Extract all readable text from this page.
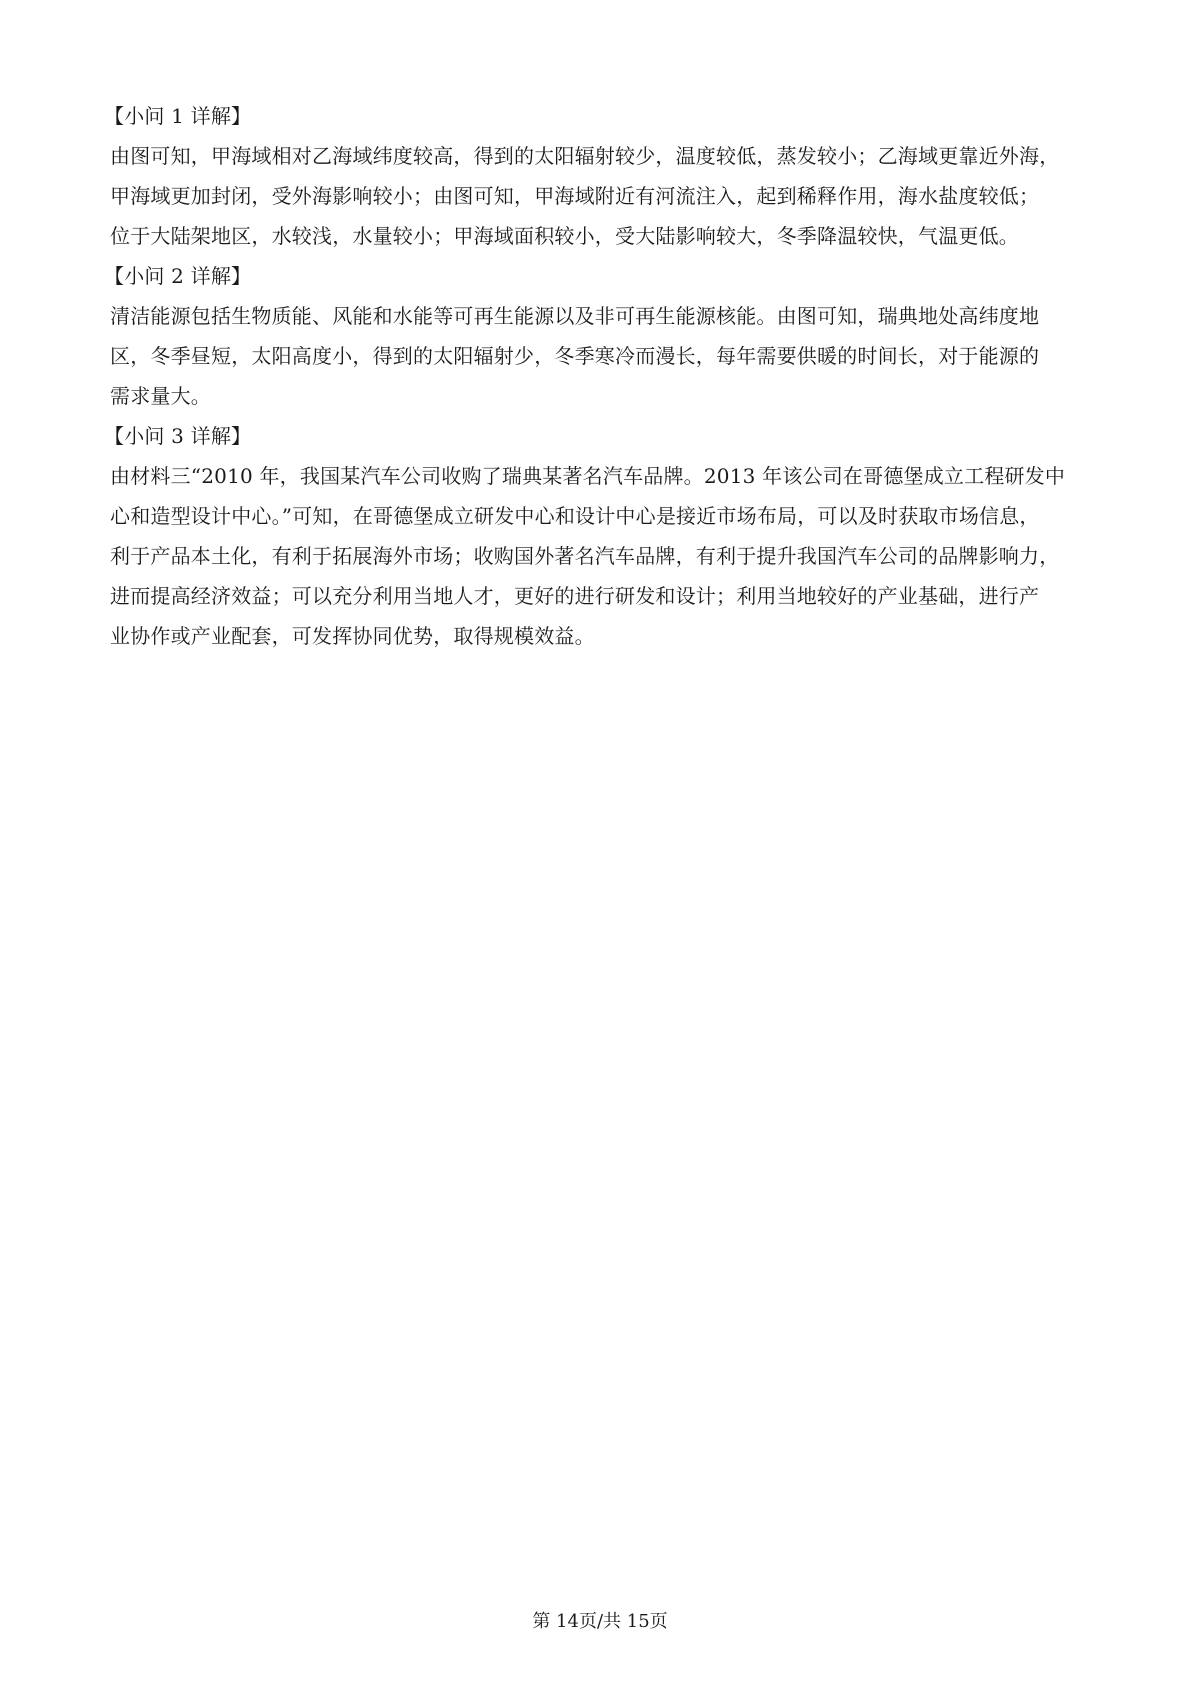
【小问 1 详解】
由图可知，甲海域相对乙海域纬度较高，得到的太阳辐射较少，温度较低，蒸发较小；乙海域更靠近外海，
甲海域更加封闭，受外海影响较小；由图可知，甲海域附近有河流注入，起到稀释作用，海水盐度较低；
位于大陆架地区，水较浅，水量较小；甲海域面积较小，受大陆影响较大，冬季降温较快，气温更低。
【小问 2 详解】
清洁能源包括生物质能、风能和水能等可再生能源以及非可再生能源核能。由图可知，瑞典地处高纬度地
区，冬季昼短，太阳高度小，得到的太阳辐射少，冬季寒冷而漫长，每年需要供暖的时间长，对于能源的
需求量大。
【小问 3 详解】
由材料三“2010 年，我国某汽车公司收购了瑞典某著名汽车品牌。2013 年该公司在哥德堡成立工程研发中
心和造型设计中心。”可知，在哥德堡成立研发中心和设计中心是接近市场布局，可以及时获取市场信息，
利于产品本土化，有利于拓展海外市场；收购国外著名汽车品牌，有利于提升我国汽车公司的品牌影响力，
进而提高经济效益；可以充分利用当地人才，更好的进行研发和设计；利用当地较好的产业基础，进行产
业协作或产业配套，可发挥协同优势，取得规模效益。
第 14页/共 15页
